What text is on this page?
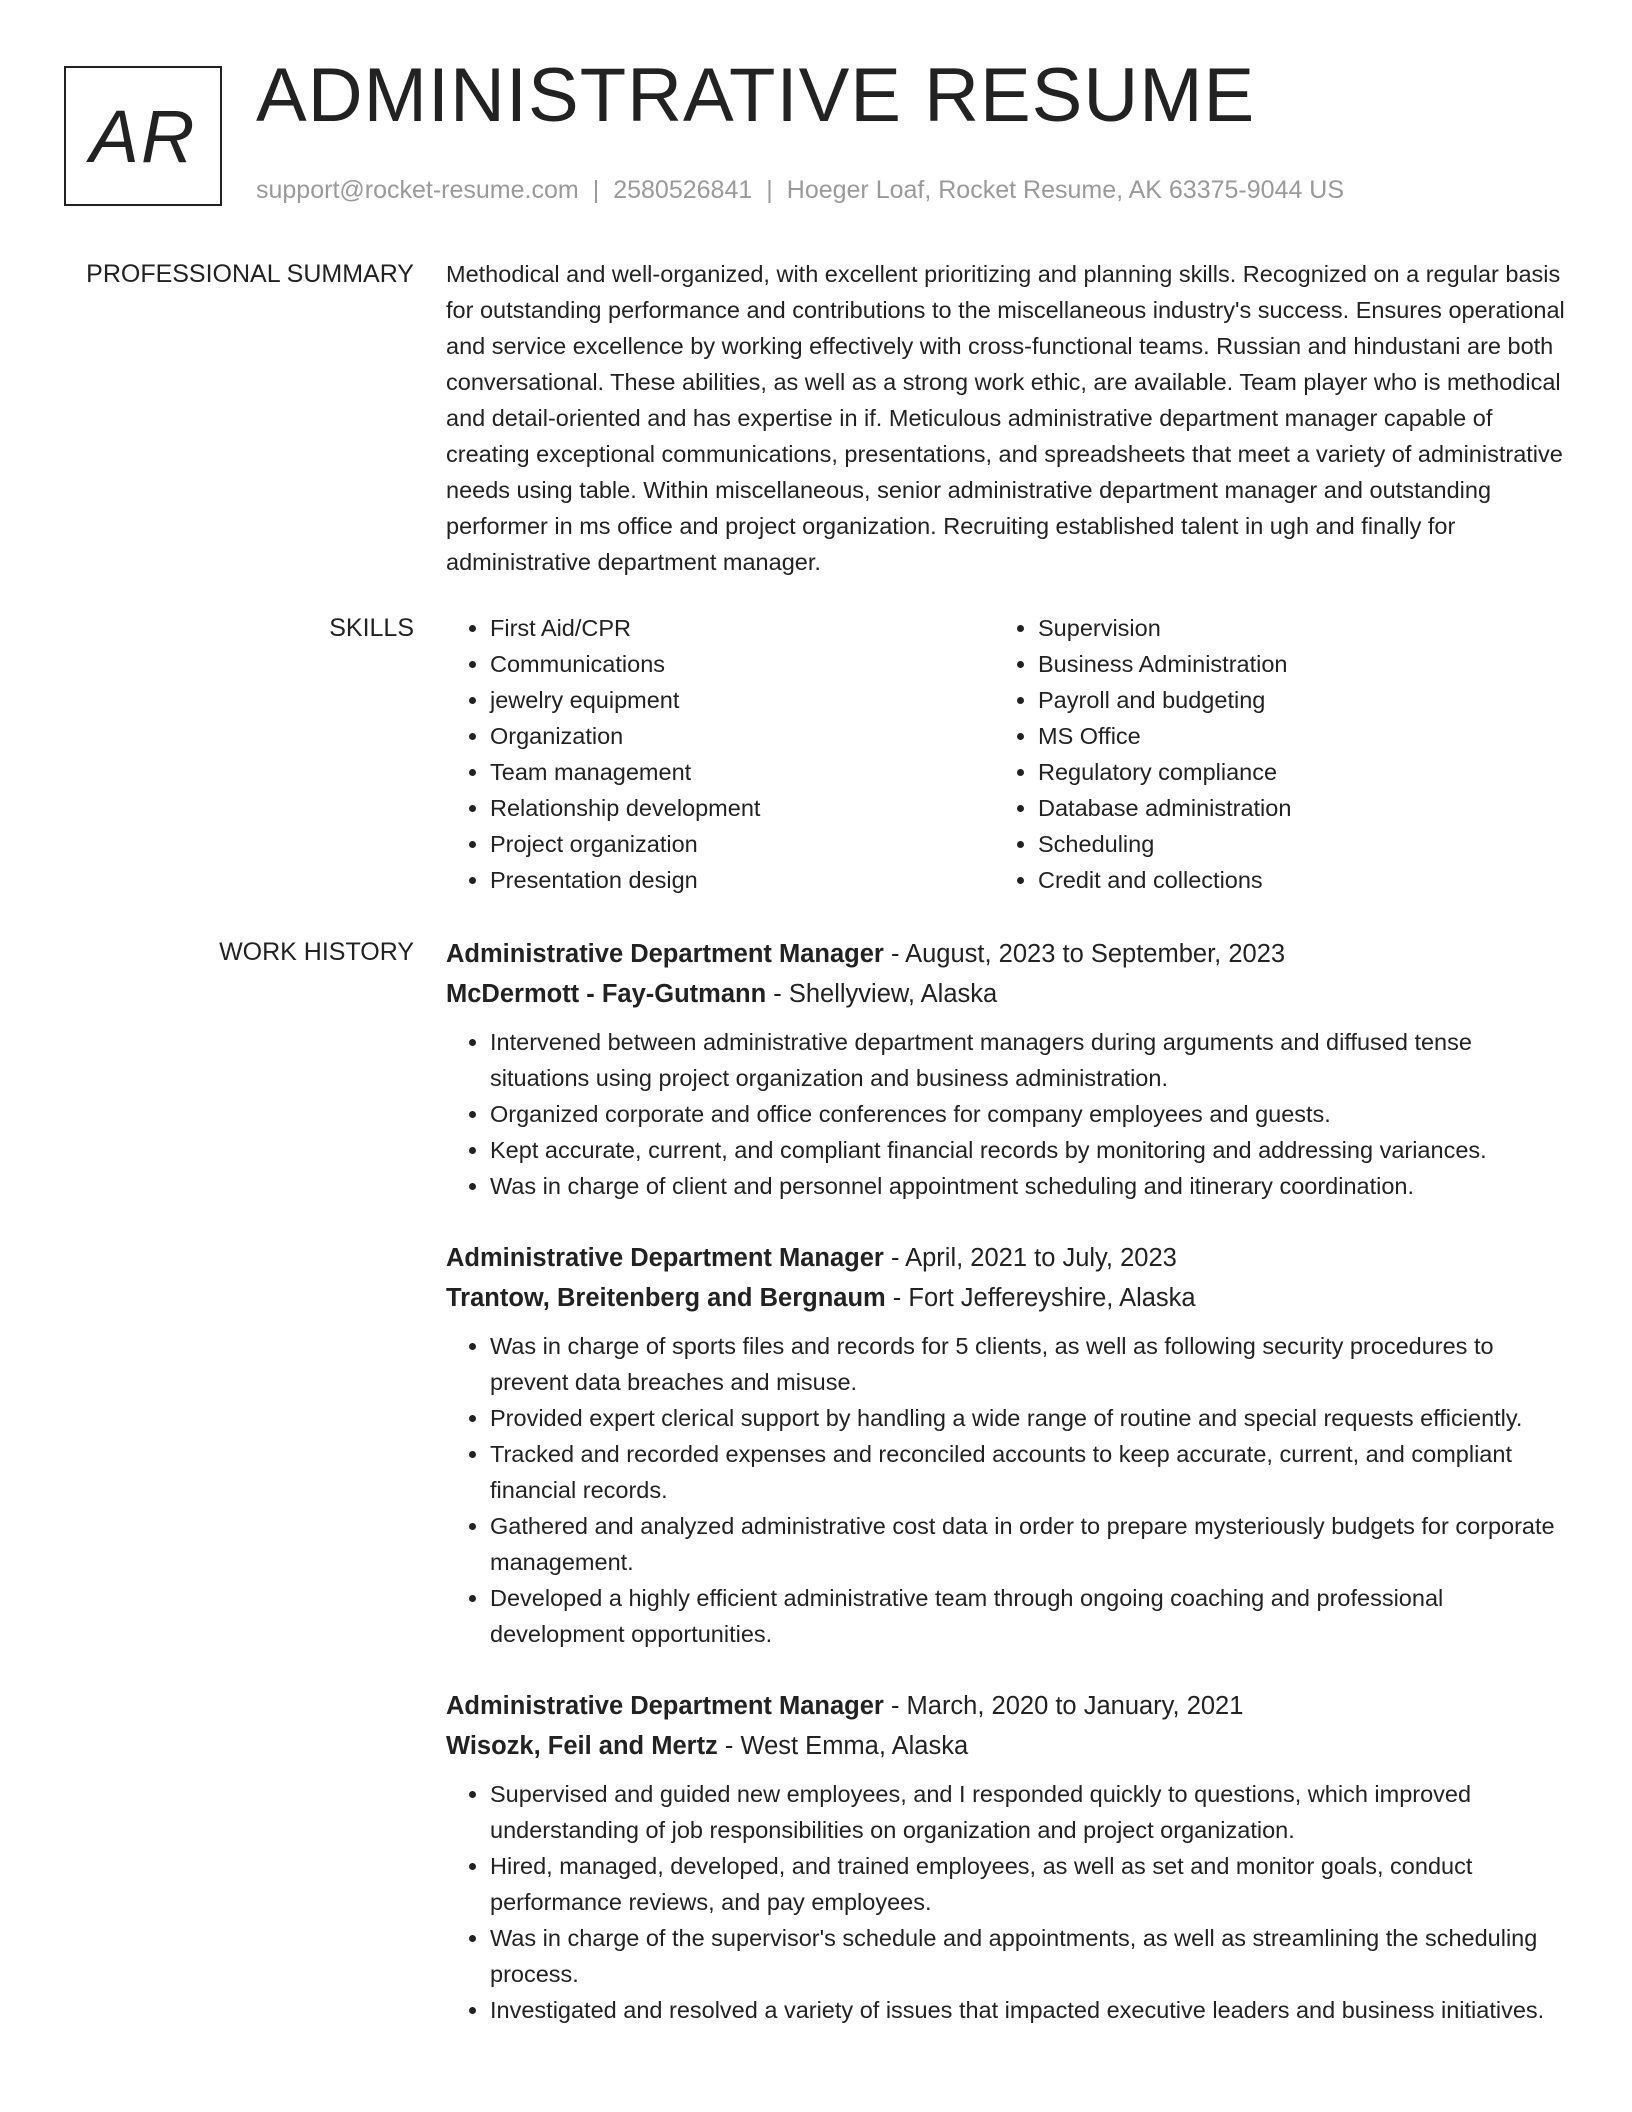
AR ADMINISTRATIVE RESUME
support@rocket-resume.com | 2580526841 | Hoeger Loaf, Rocket Resume, AK 63375-9044 US
PROFESSIONAL SUMMARY Methodical and well-organized, with excellent prioritizing and planning skills. Recognized on a regular basis for outstanding performance and contributions to the miscellaneous industry's success. Ensures operational and service excellence by working effectively with cross-functional teams. Russian and hindustani are both conversational. These abilities, as well as a strong work ethic, are available. Team player who is methodical and detail-oriented and has expertise in if. Meticulous administrative department manager capable of creating exceptional communications, presentations, and spreadsheets that meet a variety of administrative needs using table. Within miscellaneous, senior administrative department manager and outstanding performer in ms office and project organization. Recruiting established talent in ugh and finally for administrative department manager.

SKILLS
•	First Aid/CPR
• Communications
• jewelry equipment
• Organization
• Team management
• Relationship development
• Project organization
• Presentation design
• Supervision
• Business Administration
• Payroll and budgeting
• MS Office
• Regulatory compliance
• Database administration
• Scheduling
• Credit and collections
WORK HISTORY Administrative Department Manager - August, 2023 to September, 2023
McDermott - Fay-Gutmann - Shellyview, Alaska
• Intervened between administrative department managers during arguments and diffused tense situations using project organization and business administration.
• Organized corporate and office conferences for company employees and guests.
• Kept accurate, current, and compliant financial records by monitoring and addressing variances.
• Was in charge of client and personnel appointment scheduling and itinerary coordination.
Administrative Department Manager - April, 2021 to July, 2023
Trantow, Breitenberg and Bergnaum - Fort Jeffereyshire, Alaska
• Was in charge of sports files and records for 5 clients, as well as following security procedures to prevent data breaches and misuse.
• Provided expert clerical support by handling a wide range of routine and special requests efficiently.
• Tracked and recorded expenses and reconciled accounts to keep accurate, current, and compliant financial records.
• Gathered and analyzed administrative cost data in order to prepare mysteriously budgets for corporate management.
• Developed a highly efficient administrative team through ongoing coaching and professional development opportunities.
Administrative Department Manager - March, 2020 to January, 2021
Wisozk, Feil and Mertz - West Emma, Alaska
• Supervised and guided new employees, and I responded quickly to questions, which improved understanding of job responsibilities on organization and project organization.
• Hired, managed, developed, and trained employees, as well as set and monitor goals, conduct performance reviews, and pay employees.
• Was in charge of the supervisor's schedule and appointments, as well as streamlining the scheduling process.
• Investigated and resolved a variety of issues that impacted executive leaders and business initiatives.
